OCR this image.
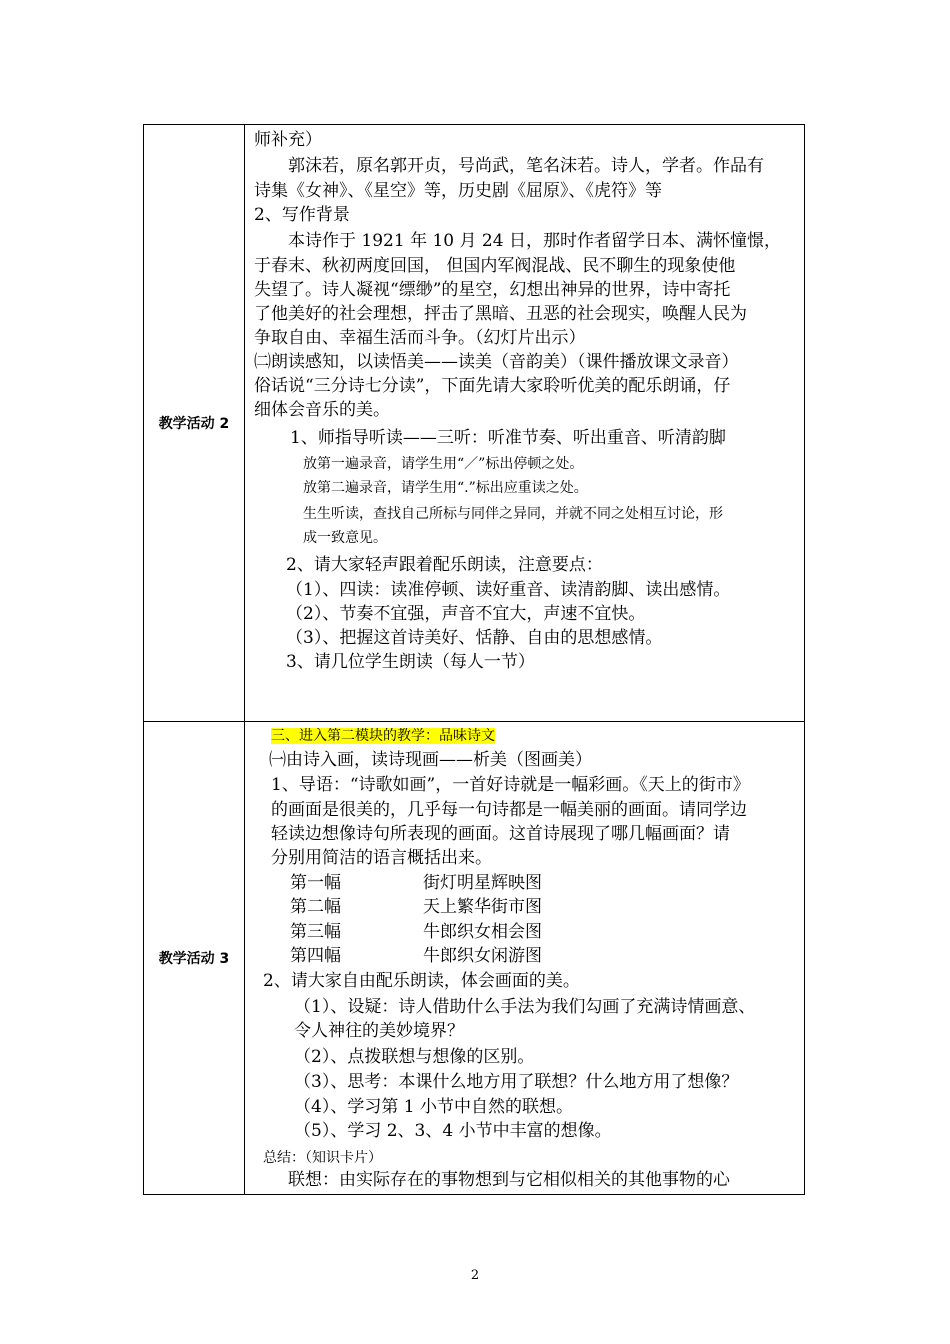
教学活动 2
师补充）
郭沫若，原名郭开贞，号尚武，笔名沫若。诗人，学者。作品有
诗集《女神》、《星空》等，历史剧《屈原》、《虎符》等
2、写作背景
本诗作于 1921 年 10 月 24 日，那时作者留学日本、满怀憧憬，
于春末、秋初两度回国， 但国内军阀混战、民不聊生的现象使他
失望了。诗人凝视“缥缈”的星空，幻想出神异的世界，诗中寄托
了他美好的社会理想，抨击了黑暗、丑恶的社会现实，唤醒人民为
争取自由、幸福生活而斗争。（幻灯片出示）
㈡朗读感知，以读悟美——读美（音韵美）（课件播放课文录音）
俗话说“三分诗七分读”，下面先请大家聆听优美的配乐朗诵，仔
细体会音乐的美。
1、师指导听读——三听：听准节奏、听出重音、听清韵脚
放第一遍录音，请学生用“／”标出停顿之处。
放第二遍录音，请学生用“.”标出应重读之处。
生生听读，查找自己所标与同伴之异同，并就不同之处相互讨论，形
成一致意见。
2、请大家轻声跟着配乐朗读，注意要点：
（1）、四读：读准停顿、读好重音、读清韵脚、读出感情。
（2）、节奏不宜强，声音不宜大，声速不宜快。
（3）、把握这首诗美好、恬静、自由的思想感情。
3、请几位学生朗读（每人一节）
教学活动 3
三、进入第二模块的教学：品味诗文
㈠由诗入画，读诗现画——析美（图画美）
1、导语：“诗歌如画”，一首好诗就是一幅彩画。《天上的街市》
的画面是很美的，几乎每一句诗都是一幅美丽的画面。请同学边
轻读边想像诗句所表现的画面。这首诗展现了哪几幅画面？请
分别用简洁的语言概括出来。
第一幅	街灯明星辉映图
第二幅	天上繁华街市图
第三幅	牛郎织女相会图
第四幅	牛郎织女闲游图
2、请大家自由配乐朗读，体会画面的美。
（1）、设疑：诗人借助什么手法为我们勾画了充满诗情画意、
令人神往的美妙境界？
（2）、点拨联想与想像的区别。
（3）、思考：本课什么地方用了联想？什么地方用了想像？
（4）、学习第 1 小节中自然的联想。
（5）、学习 2、3、4 小节中丰富的想像。
总结：（知识卡片）
联想：由实际存在的事物想到与它相似相关的其他事物的心
2
